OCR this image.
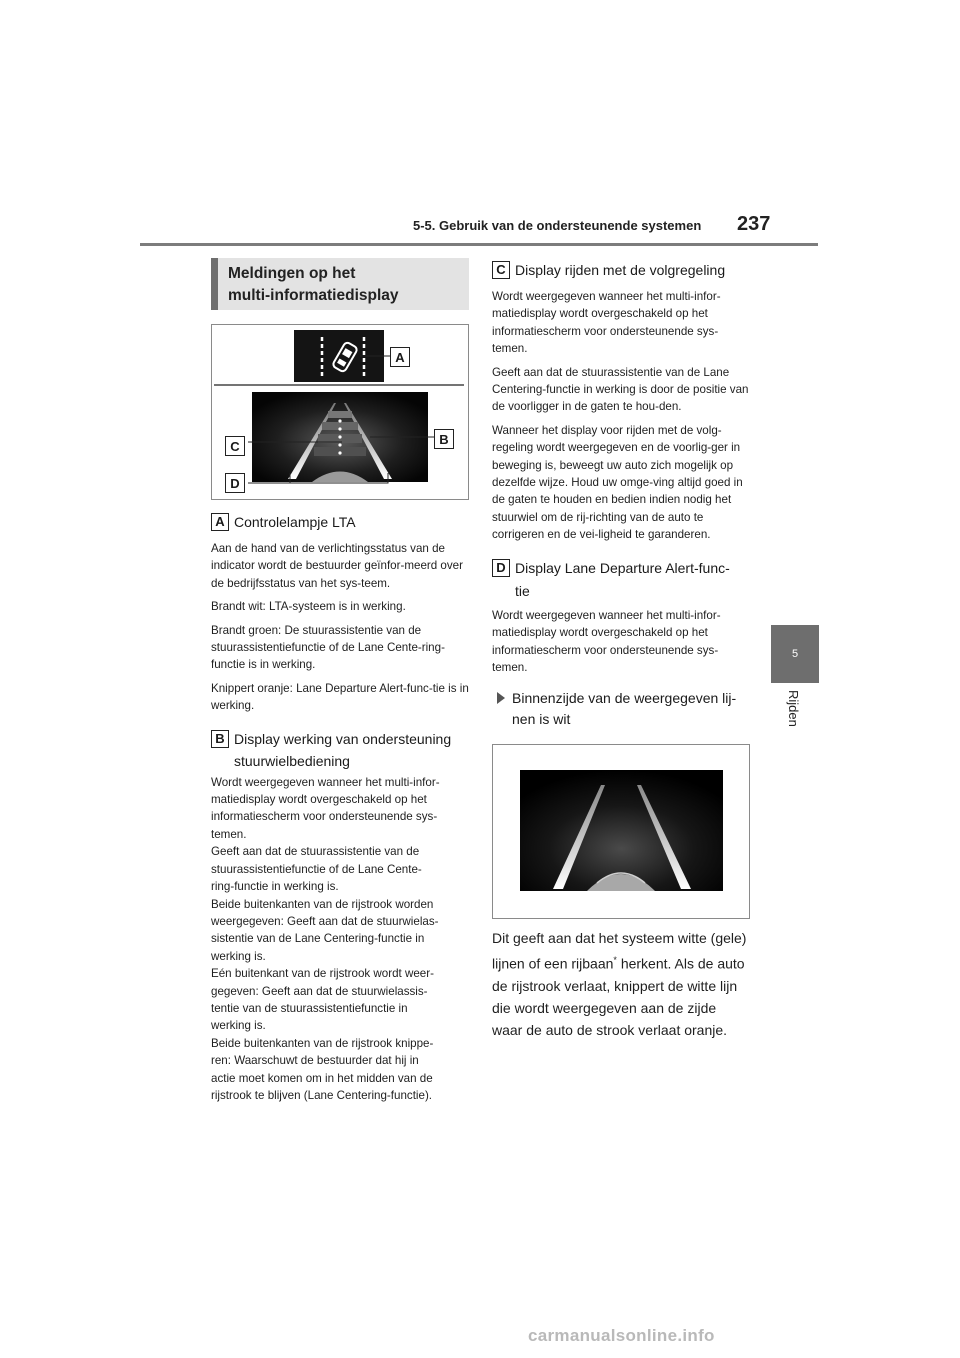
5-5. Gebruik van de ondersteunende systemen 237
5
Rijden
Meldingen op het
multi-informatiedisplay
A
B
C
D
A Controlelampje LTA

Aan de hand van de verlichtingsstatus van de indicator wordt de bestuurder geïnfor-meerd over de bedrijfsstatus van het sys-teem.

Brandt wit: LTA-systeem is in werking.

Brandt groen: De stuurassistentie van de stuurassistentiefunctie of de Lane Cente-ring-functie is in werking.

Knippert oranje: Lane Departure Alert-func-tie is in werking.

B Display werking van ondersteuning
stuurwielbediening
Wordt weergegeven wanneer het multi-infor-
matiedisplay wordt overgeschakeld op het
informatiescherm voor ondersteunende sys-
temen.
Geeft aan dat de stuurassistentie van de
stuurassistentiefunctie of de Lane Cente-
ring-functie in werking is.
Beide buitenkanten van de rijstrook worden
weergegeven: Geeft aan dat de stuurwielas-
sistentie van de Lane Centering-functie in
werking is.
Eén buitenkant van de rijstrook wordt weer-
gegeven: Geeft aan dat de stuurwielassis-
tentie van de stuurassistentiefunctie in
werking is.
Beide buitenkanten van de rijstrook knippe-
ren: Waarschuwt de bestuurder dat hij in
actie moet komen om in het midden van de
rijstrook te blijven (Lane Centering-functie).
C Display rijden met de volgregeling

Wordt weergegeven wanneer het multi-infor-matiedisplay wordt overgeschakeld op het informatiescherm voor ondersteunende sys-temen.

Geeft aan dat de stuurassistentie van de Lane Centering-functie in werking is door de positie van de voorligger in de gaten te hou-den.

Wanneer het display voor rijden met de volg-regeling wordt weergegeven en de voorlig-ger in beweging is, beweegt uw auto zich mogelijk op dezelfde wijze. Houd uw omge-ving altijd goed in de gaten te houden en bedien indien nodig het stuurwiel om de rij-richting van de auto te corrigeren en de vei-ligheid te garanderen.

D Display Lane Departure Alert-func-
tie

Wordt weergegeven wanneer het multi-infor-matiedisplay wordt overgeschakeld op het informatiescherm voor ondersteunende sys-temen.

Binnenzijde van de weergegeven lij-
nen is wit

Dit geeft aan dat het systeem witte (gele) lijnen of een rijbaan* herkent. Als de auto de rijstrook verlaat, knippert de witte lijn die wordt weergegeven aan de zijde waar de auto de strook verlaat oranje.

carmanualsonline.info
